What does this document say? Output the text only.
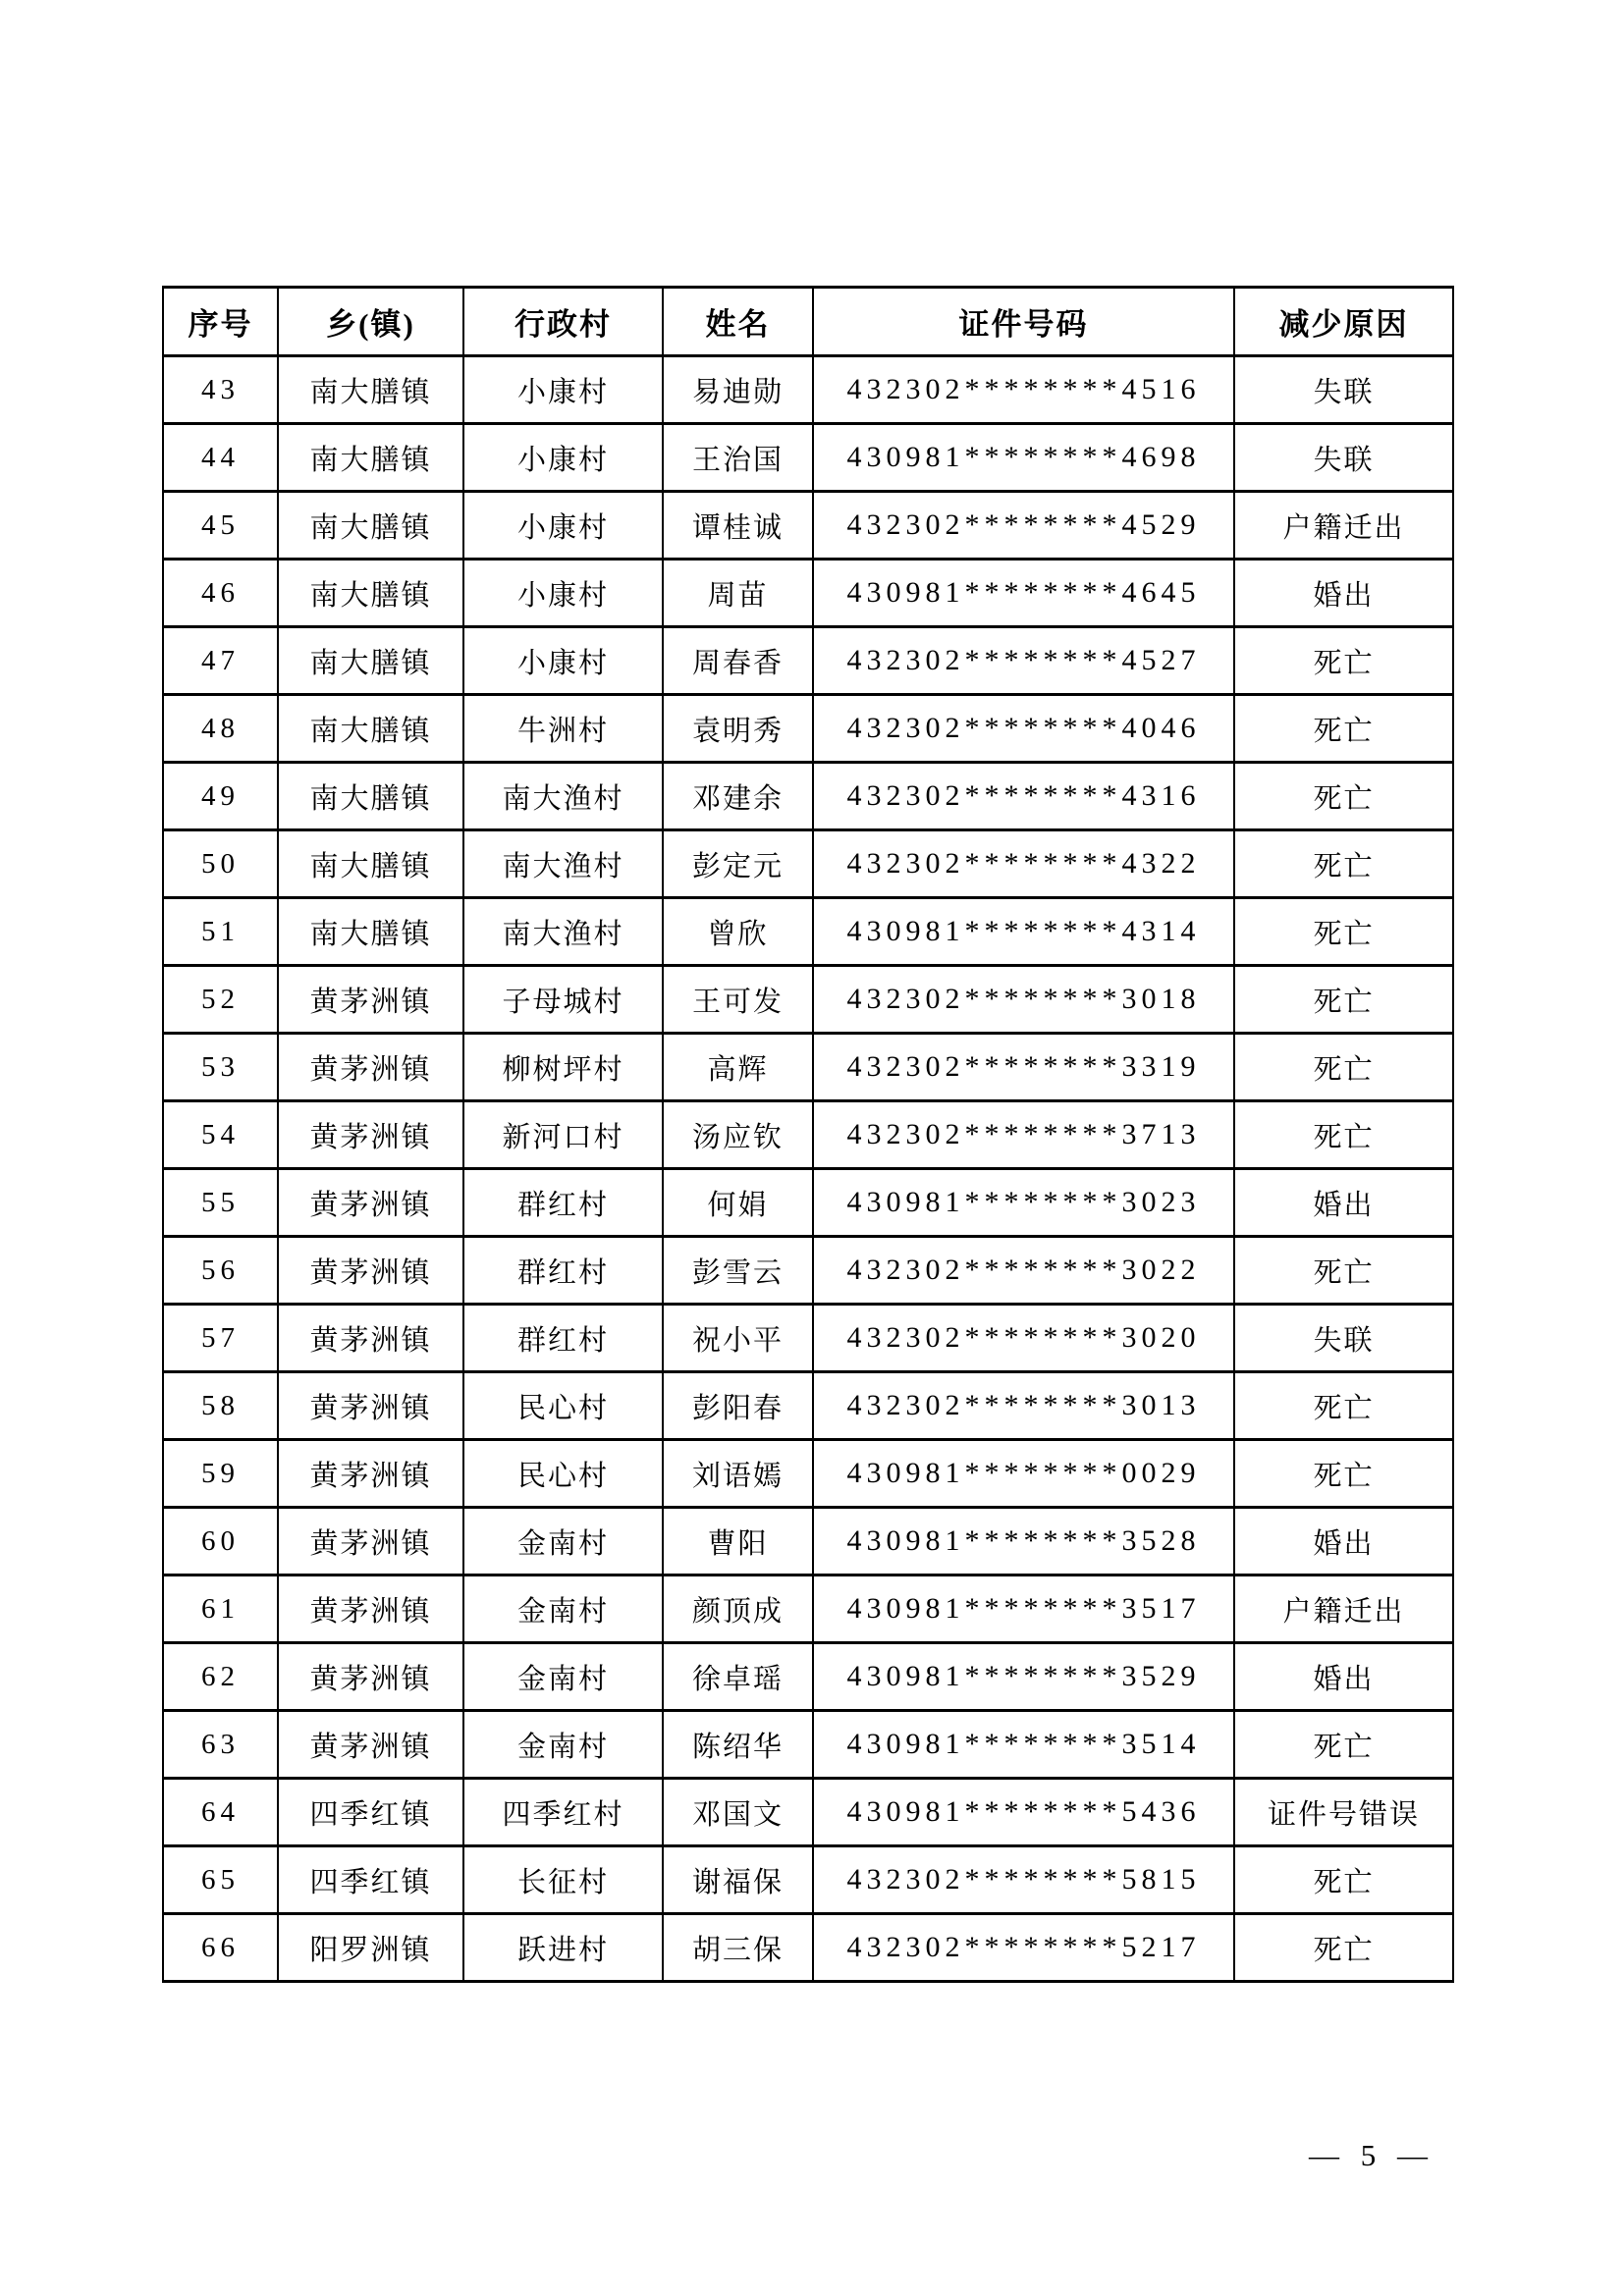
序号	乡(镇)	行政村	姓名	证件号码	减少原因
43	南大膳镇	小康村	易迪勋	432302********4516	失联
44	南大膳镇	小康村	王治国	430981********4698	失联
45	南大膳镇	小康村	谭桂诚	432302********4529	户籍迁出
46	南大膳镇	小康村	周苗	430981********4645	婚出
47	南大膳镇	小康村	周春香	432302********4527	死亡
48	南大膳镇	牛洲村	袁明秀	432302********4046	死亡
49	南大膳镇	南大渔村	邓建余	432302********4316	死亡
50	南大膳镇	南大渔村	彭定元	432302********4322	死亡
51	南大膳镇	南大渔村	曾欣	430981********4314	死亡
52	黄茅洲镇	子母城村	王可发	432302********3018	死亡
53	黄茅洲镇	柳树坪村	高辉	432302********3319	死亡
54	黄茅洲镇	新河口村	汤应钦	432302********3713	死亡
55	黄茅洲镇	群红村	何娟	430981********3023	婚出
56	黄茅洲镇	群红村	彭雪云	432302********3022	死亡
57	黄茅洲镇	群红村	祝小平	432302********3020	失联
58	黄茅洲镇	民心村	彭阳春	432302********3013	死亡
59	黄茅洲镇	民心村	刘语嫣	430981********0029	死亡
60	黄茅洲镇	金南村	曹阳	430981********3528	婚出
61	黄茅洲镇	金南村	颜顶成	430981********3517	户籍迁出
62	黄茅洲镇	金南村	徐卓瑶	430981********3529	婚出
63	黄茅洲镇	金南村	陈绍华	430981********3514	死亡
64	四季红镇	四季红村	邓国文	430981********5436	证件号错误
65	四季红镇	长征村	谢福保	432302********5815	死亡
66	阳罗洲镇	跃进村	胡三保	432302********5217	死亡
— 5 —
